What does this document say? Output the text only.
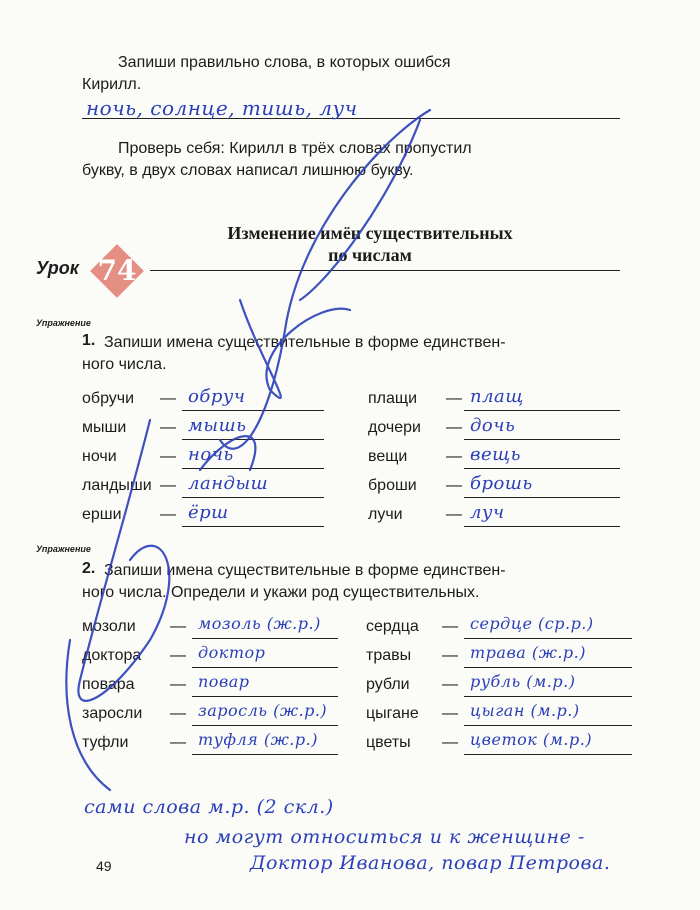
Запиши правильно слова, в которых ошибся
Кирилл.
ночь, солнце, тишь, луч
Проверь себя: Кирилл в трёх словах пропустил
букву, в двух словах написал лишнюю букву.
Урок 74
Изменение имён существительных
по числам
Упражнение
1. Запиши имена существительные в форме единствен-
ного числа.
обручи — обруч
мыши — мышь
ночи	— ночь
ландыши — ландыш
ерши — ёрш
плащи — плащ
дочери — дочь
вещи — вещь
броши — брошь
лучи	— луч
Упражнение
2. Запиши имена существительные в форме единствен-
ного числа. Определи и укажи род существительных.
мозоли — мозоль (ж.р.)
доктора — доктор
повара — повар
заросли — заросль (ж.р.)
туфли	— туфля (ж.р.)
сердца — сердце (ср.р.)
травы — трава (ж.р.)
рубли — рубль (м.р.)
цыгане — цыган (м.р.)
цветы — цветок (м.р.)
сами слова м.р. (2 скл.)
но могут относиться и к женщине -
Доктор Иванова, повар Петрова.
49
